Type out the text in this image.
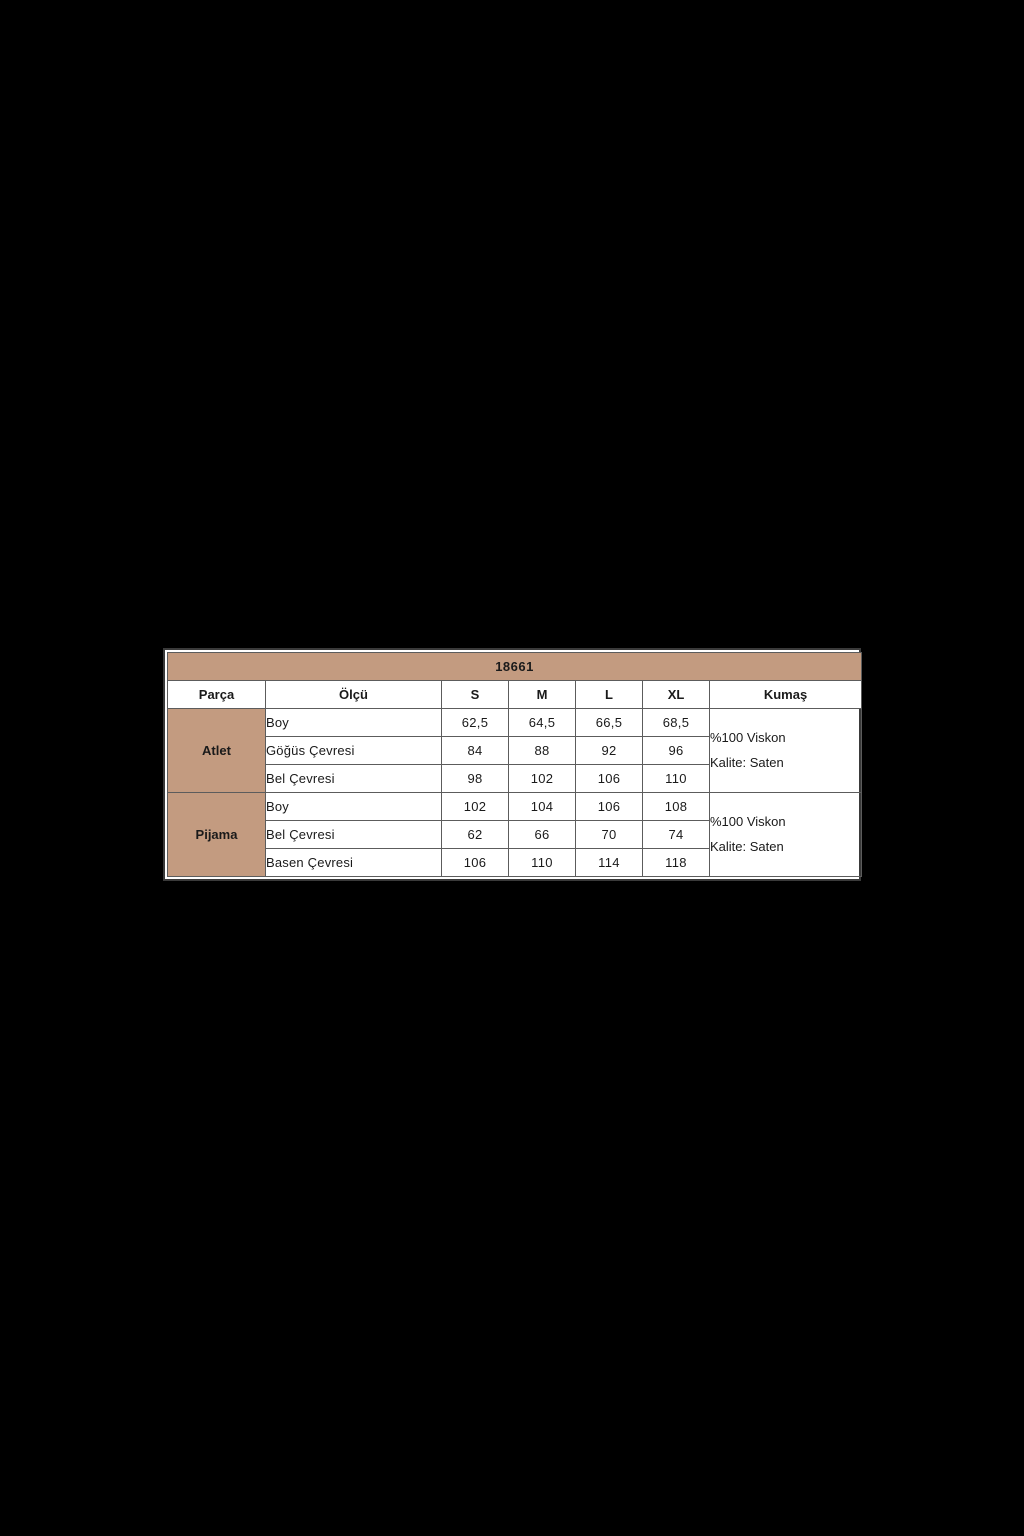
18661						
Parça	Ölçü	S	M	L	XL	Kumaş
Atlet	Boy	62,5	64,5	66,5	68,5	%100 Viskon
Kalite: Saten

	Göğüs Çevresi	84	88	92	96	
	Bel Çevresi	98	102	106	110	
Pijama	Boy	102	104	106	108	%100 Viskon
Kalite: Saten

	Bel Çevresi	62	66	70	74	
	Basen Çevresi	106	110	114	118	
